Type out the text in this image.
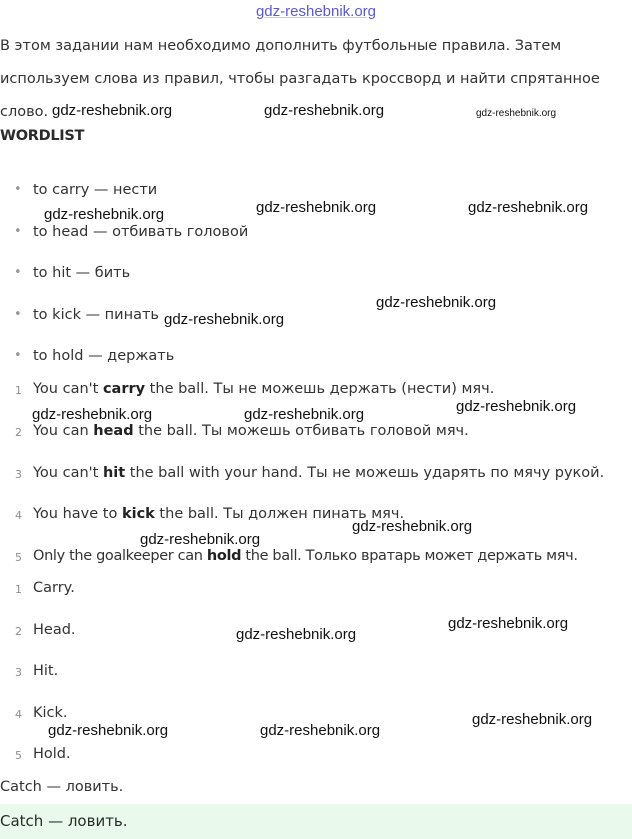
gdz-reshebnik.org
В этом задании нам необходимо дополнить футбольные правила. Затем
используем слова из правил, чтобы разгадать кроссворд и найти спрятанное
слово.
WORDLIST
• to carry — нести
• to head — отбивать головой
• to hit — бить
• to kick — пинать
• to hold — держать
1 You can't carry the ball. Ты не можешь держать (нести) мяч.
2 You can head the ball. Ты можешь отбивать головой мяч.
3 You can't hit the ball with your hand. Ты не можешь ударять по мячу рукой.
4 You have to kick the ball. Ты должен пинать мяч.
5 Only the goalkeeper can hold the ball. Только вратарь может держать мяч.
1 Carry.
2 Head.
3 Hit.
4 Kick.
5 Hold.
Catch — ловить.
Catch — ловить.
gdz-reshebnik.org	gdz-reshebnik.org	gdz-reshebnik.org
gdz-reshebnik.org	gdz-reshebnik.org	gdz-reshebnik.org
gdz-reshebnik.org
gdz-reshebnik.org
gdz-reshebnik.org	gdz-reshebnik.org	gdz-reshebnik.org
gdz-reshebnik.org
gdz-reshebnik.org
gdz-reshebnik.org
gdz-reshebnik.org
gdz-reshebnik.org
gdz-reshebnik.org	gdz-reshebnik.org
